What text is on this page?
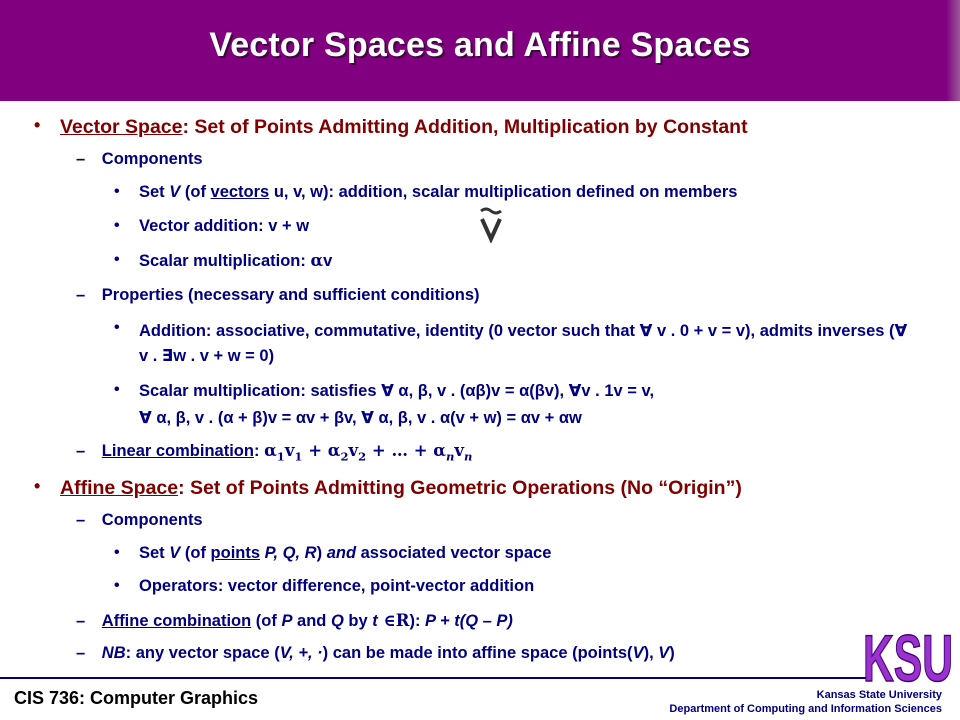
Vector Spaces and Affine Spaces
• Vector Space: Set of Points Admitting Addition, Multiplication by Constant
– Components
• Set V (of vectors u, v, w): addition, scalar multiplication defined on members
• Vector addition: v + w
• Scalar multiplication: αv
– Properties (necessary and sufficient conditions)
• Addition: associative, commutative, identity (0 vector such that ∀ v . 0 + v = v), admits inverses (∀ v . ∃w . v + w = 0)
• Scalar multiplication: satisfies ∀ α, β, v . (αβ)v = α(βv), ∀v . 1v = v,
∀ α, β, v . (α + β)v = αv + βv, ∀ α, β, v . α(v + w) = αv + αw
– Linear combination: $\alpha_1v_1 + \alpha_2v_2$ + … + $\alpha_nv_n$
• Affine Space: Set of Points Admitting Geometric Operations (No “Origin”)
– Components
• Set V (of points P, Q, R) and associated vector space
• Operators: vector difference, point-vector addition
– Affine combination (of P and Q by t ∈R): P + t(Q – P)
– NB: any vector space (V, +, ·) can be made into affine space (points(V), V)	KSU
CIS 736: Computer Graphics	Kansas State University
Department of Computing and Information Sciences
